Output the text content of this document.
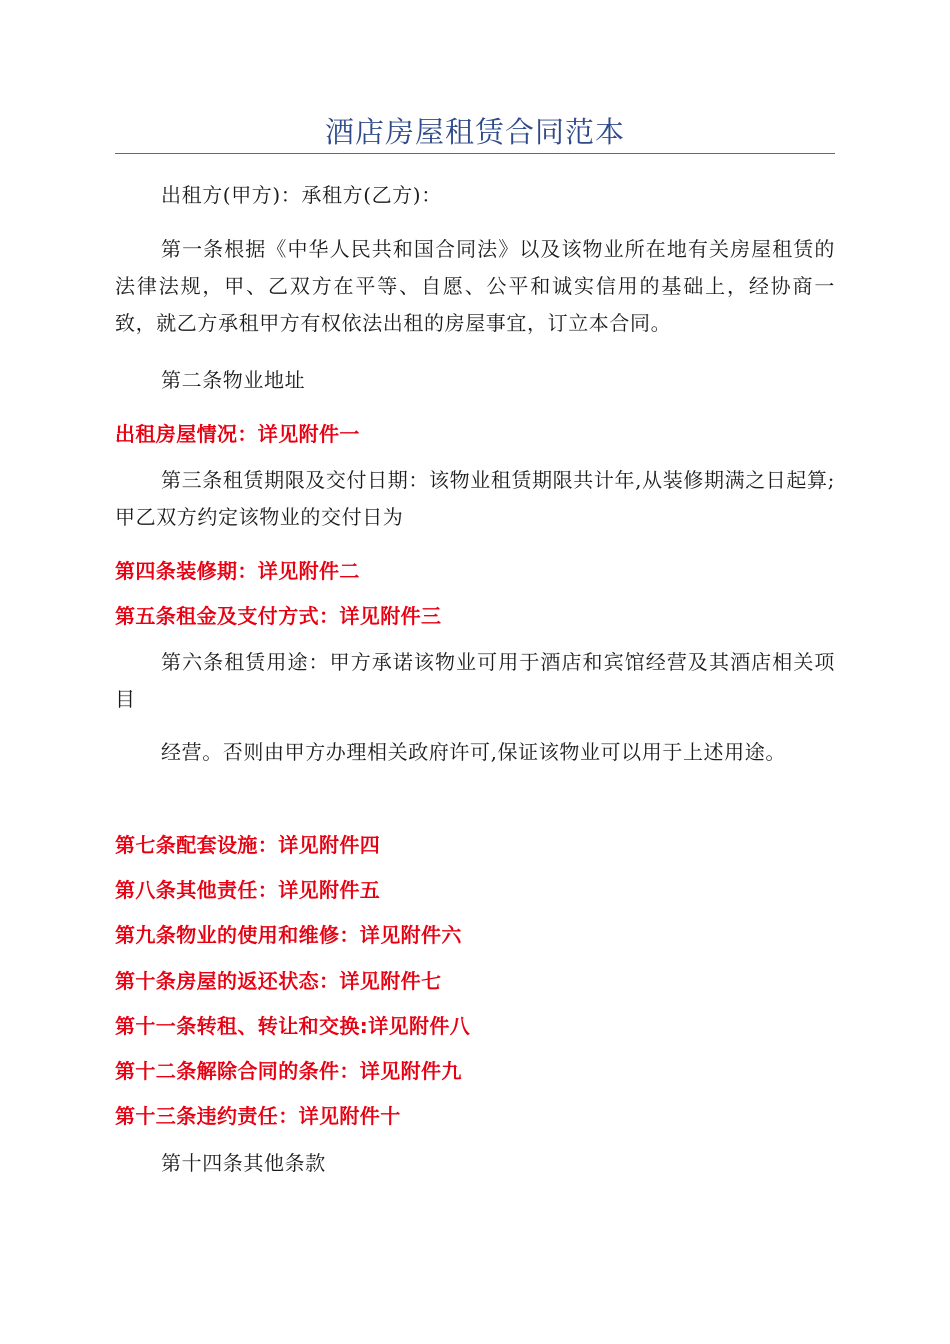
酒店房屋租赁合同范本

出租方(甲方)：承租方(乙方)：

第一条根据《中华人民共和国合同法》以及该物业所在地有关房屋租赁的法律法规，甲、乙双方在平等、自愿、公平和诚实信用的基础上，经协商一致，就乙方承租甲方有权依法出租的房屋事宜，订立本合同。

第二条物业地址

出租房屋情况：详见附件一

第三条租赁期限及交付日期：该物业租赁期限共计年,从装修期满之日起算;甲乙双方约定该物业的交付日为

第四条装修期：详见附件二

第五条租金及支付方式：详见附件三

第六条租赁用途：甲方承诺该物业可用于酒店和宾馆经营及其酒店相关项目

经营。否则由甲方办理相关政府许可,保证该物业可以用于上述用途。

第七条配套设施：详见附件四

第八条其他责任：详见附件五

第九条物业的使用和维修：详见附件六

第十条房屋的返还状态：详见附件七

第十一条转租、转让和交换:详见附件八

第十二条解除合同的条件：详见附件九

第十三条违约责任：详见附件十

第十四条其他条款
